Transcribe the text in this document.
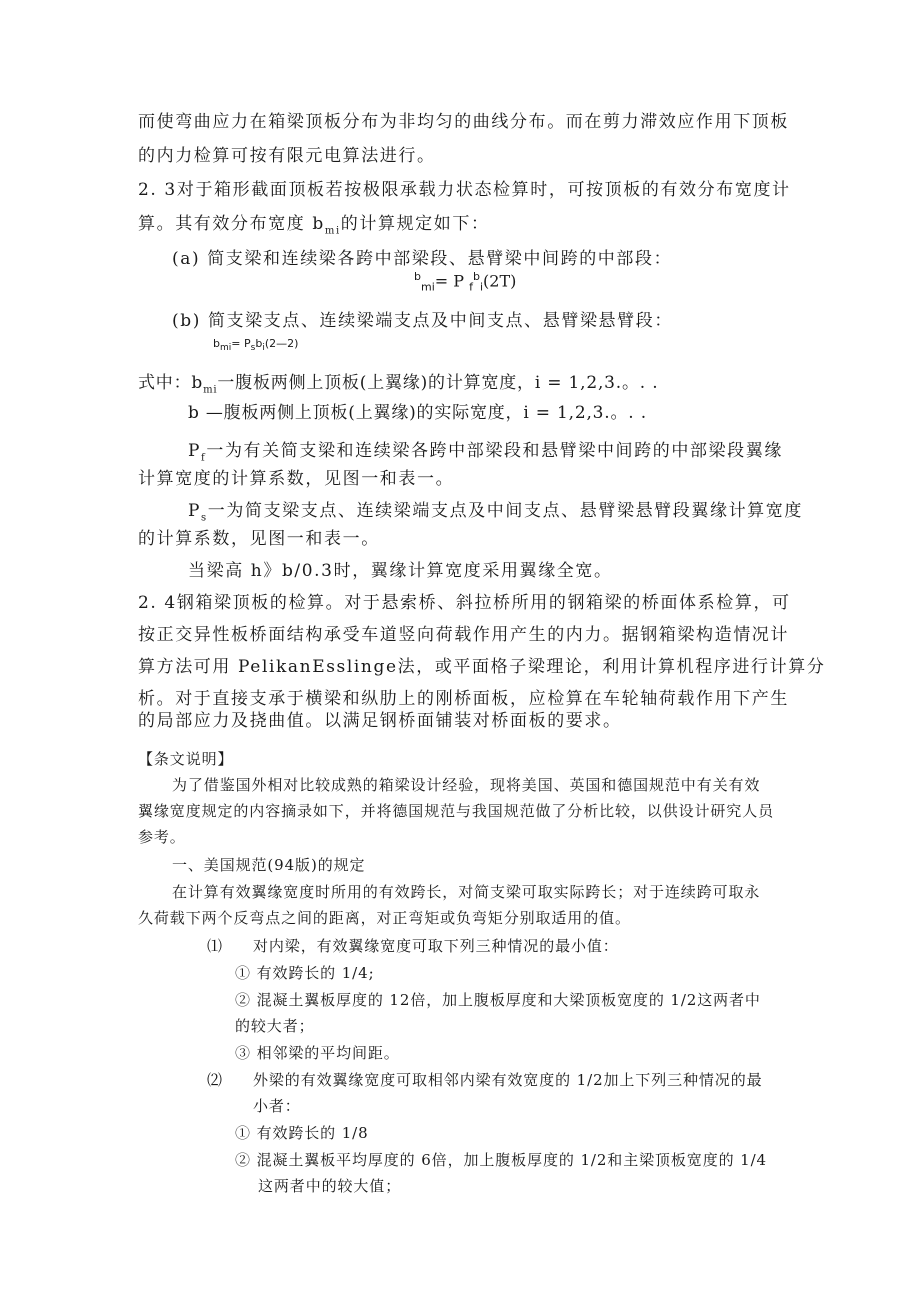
而使弯曲应力在箱梁顶板分布为非均匀的曲线分布。而在剪力滞效应作用下顶板
的内力检算可按有限元电算法进行。
2. 3对于箱形截面顶板若按极限承载力状态检算时，可按顶板的有效分布宽度计
算。其有效分布宽度 $b_{mi}$的计算规定如下：
(a) 简支梁和连续梁各跨中部梁段、悬臂梁中间跨的中部段：
$^b_{mi}$= P $_f^b_i$(2T)
(b) 简支梁支点、连续梁端支点及中间支点、悬臂梁悬臂段：
$b_{mi}=$ $P_sb_i(2—2)$
式中：$b_{mi}$一腹板两侧上顶板(上翼缘)的计算宽度，i = 1,2,3.。. .
b —腹板两侧上顶板(上翼缘)的实际宽度，i = 1,2,3.。. .
$P_f$一为有关简支梁和连续梁各跨中部梁段和悬臂梁中间跨的中部梁段翼缘
计算宽度的计算系数，见图一和表一。
$P_s$一为简支梁支点、连续梁端支点及中间支点、悬臂梁悬臂段翼缘计算宽度
的计算系数，见图一和表一。
当梁高 h》b/0.3时，翼缘计算宽度采用翼缘全宽。
2. 4钢箱梁顶板的检算。对于悬索桥、斜拉桥所用的钢箱梁的桥面体系检算，可
按正交异性板桥面结构承受车道竖向荷载作用产生的内力。据钢箱梁构造情况计
算方法可用 PelikanEsslinge法，或平面格子梁理论，利用计算机程序进行计算分
析。对于直接支承于横梁和纵肋上的刚桥面板，应检算在车轮轴荷载作用下产生
的局部应力及挠曲值。以满足钢桥面铺装对桥面板的要求。
【条文说明】
为了借鉴国外相对比较成熟的箱梁设计经验，现将美国、英国和德国规范中有关有效
翼缘宽度规定的内容摘录如下，并将德国规范与我国规范做了分析比较，以供设计研究人员
参考。
一、美国规范(94版)的规定
在计算有效翼缘宽度时所用的有效跨长，对简支梁可取实际跨长；对于连续跨可取永
久荷载下两个反弯点之间的距离，对正弯矩或负弯矩分别取适用的值。
⑴ 对内梁，有效翼缘宽度可取下列三种情况的最小值：
① 有效跨长的 1/4;
② 混凝土翼板厚度的 12倍，加上腹板厚度和大梁顶板宽度的 1/2这两者中
的较大者；
③ 相邻梁的平均间距。
⑵ 外梁的有效翼缘宽度可取相邻内梁有效宽度的 1/2加上下列三种情况的最
小者：
① 有效跨长的 1/8
② 混凝土翼板平均厚度的 6倍，加上腹板厚度的 1/2和主梁顶板宽度的 1/4
这两者中的较大值；
